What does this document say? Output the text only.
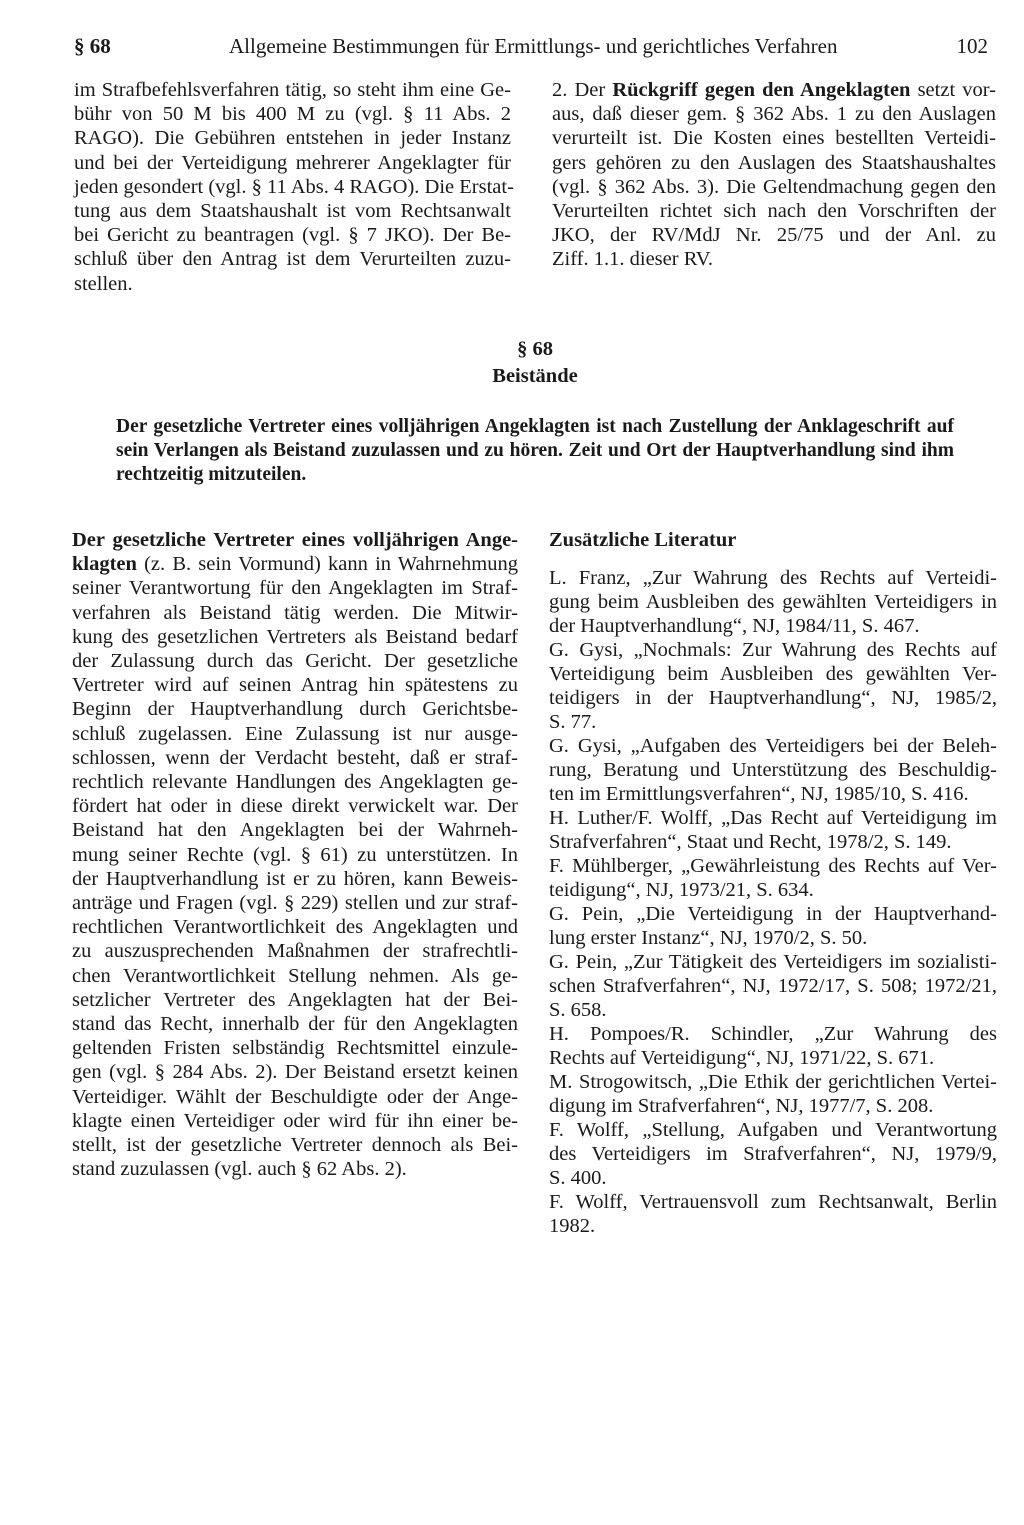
§ 68	Allgemeine Bestimmungen für Ermittlungs- und gerichtliches Verfahren	102
im Strafbefehlsverfahren tätig, so steht ihm eine Ge-
bühr von 50 M bis 400 M zu (vgl. § 11 Abs. 2
RAGO). Die Gebühren entstehen in jeder Instanz
und bei der Verteidigung mehrerer Angeklagter für
jeden gesondert (vgl. § 11 Abs. 4 RAGO). Die Erstat-
tung aus dem Staatshaushalt ist vom Rechtsanwalt
bei Gericht zu beantragen (vgl. § 7 JKO). Der Be-
schluß über den Antrag ist dem Verurteilten zuzu-
stellen.
2. Der Rückgriff gegen den Angeklagten setzt vor-
aus, daß dieser gem. § 362 Abs. 1 zu den Auslagen
verurteilt ist. Die Kosten eines bestellten Verteidi-
gers gehören zu den Auslagen des Staatshaushaltes
(vgl. § 362 Abs. 3). Die Geltendmachung gegen den
Verurteilten richtet sich nach den Vorschriften der
JKO, der RV/MdJ Nr. 25/75 und der Anl. zu
Ziff. 1.1. dieser RV.
§ 68
Beistände
Der gesetzliche Vertreter eines volljährigen Angeklagten ist nach Zustellung der Anklageschrift auf
sein Verlangen als Beistand zuzulassen und zu hören. Zeit und Ort der Hauptverhandlung sind ihm
rechtzeitig mitzuteilen.
Der gesetzliche Vertreter eines volljährigen Ange-
klagten (z. B. sein Vormund) kann in Wahrnehmung
seiner Verantwortung für den Angeklagten im Straf-
verfahren als Beistand tätig werden. Die Mitwir-
kung des gesetzlichen Vertreters als Beistand bedarf
der Zulassung durch das Gericht. Der gesetzliche
Vertreter wird auf seinen Antrag hin spätestens zu
Beginn der Hauptverhandlung durch Gerichtsbe-
schluß zugelassen. Eine Zulassung ist nur ausge-
schlossen, wenn der Verdacht besteht, daß er straf-
rechtlich relevante Handlungen des Angeklagten ge-
fördert hat oder in diese direkt verwickelt war. Der
Beistand hat den Angeklagten bei der Wahrneh-
mung seiner Rechte (vgl. § 61) zu unterstützen. In
der Hauptverhandlung ist er zu hören, kann Beweis-
anträge und Fragen (vgl. § 229) stellen und zur straf-
rechtlichen Verantwortlichkeit des Angeklagten und
zu auszusprechenden Maßnahmen der strafrechtli-
chen Verantwortlichkeit Stellung nehmen. Als ge-
setzlicher Vertreter des Angeklagten hat der Bei-
stand das Recht, innerhalb der für den Angeklagten
geltenden Fristen selbständig Rechtsmittel einzule-
gen (vgl. § 284 Abs. 2). Der Beistand ersetzt keinen
Verteidiger. Wählt der Beschuldigte oder der Ange-
klagte einen Verteidiger oder wird für ihn einer be-
stellt, ist der gesetzliche Vertreter dennoch als Bei-
stand zuzulassen (vgl. auch § 62 Abs. 2).
Zusätzliche Literatur
L. Franz, „Zur Wahrung des Rechts auf Verteidi-
gung beim Ausbleiben des gewählten Verteidigers in
der Hauptverhandlung“, NJ, 1984/11, S. 467.
G. Gysi, „Nochmals: Zur Wahrung des Rechts auf
Verteidigung beim Ausbleiben des gewählten Ver-
teidigers in der Hauptverhandlung“, NJ, 1985/2,
S. 77.
G. Gysi, „Aufgaben des Verteidigers bei der Beleh-
rung, Beratung und Unterstützung des Beschuldig-
ten im Ermittlungsverfahren“, NJ, 1985/10, S. 416.
H. Luther/F. Wolff, „Das Recht auf Verteidigung im
Strafverfahren“, Staat und Recht, 1978/2, S. 149.
F. Mühlberger, „Gewährleistung des Rechts auf Ver-
teidigung“, NJ, 1973/21, S. 634.
G. Pein, „Die Verteidigung in der Hauptverhand-
lung erster Instanz“, NJ, 1970/2, S. 50.
G. Pein, „Zur Tätigkeit des Verteidigers im sozialisti-
schen Strafverfahren“, NJ, 1972/17, S. 508; 1972/21,
S. 658.
H. Pompoes/R. Schindler, „Zur Wahrung des
Rechts auf Verteidigung“, NJ, 1971/22, S. 671.
M. Strogowitsch, „Die Ethik der gerichtlichen Vertei-
digung im Strafverfahren“, NJ, 1977/7, S. 208.
F. Wolff, „Stellung, Aufgaben und Verantwortung
des Verteidigers im Strafverfahren“, NJ, 1979/9,
S. 400.
F. Wolff, Vertrauensvoll zum Rechtsanwalt, Berlin
1982.
